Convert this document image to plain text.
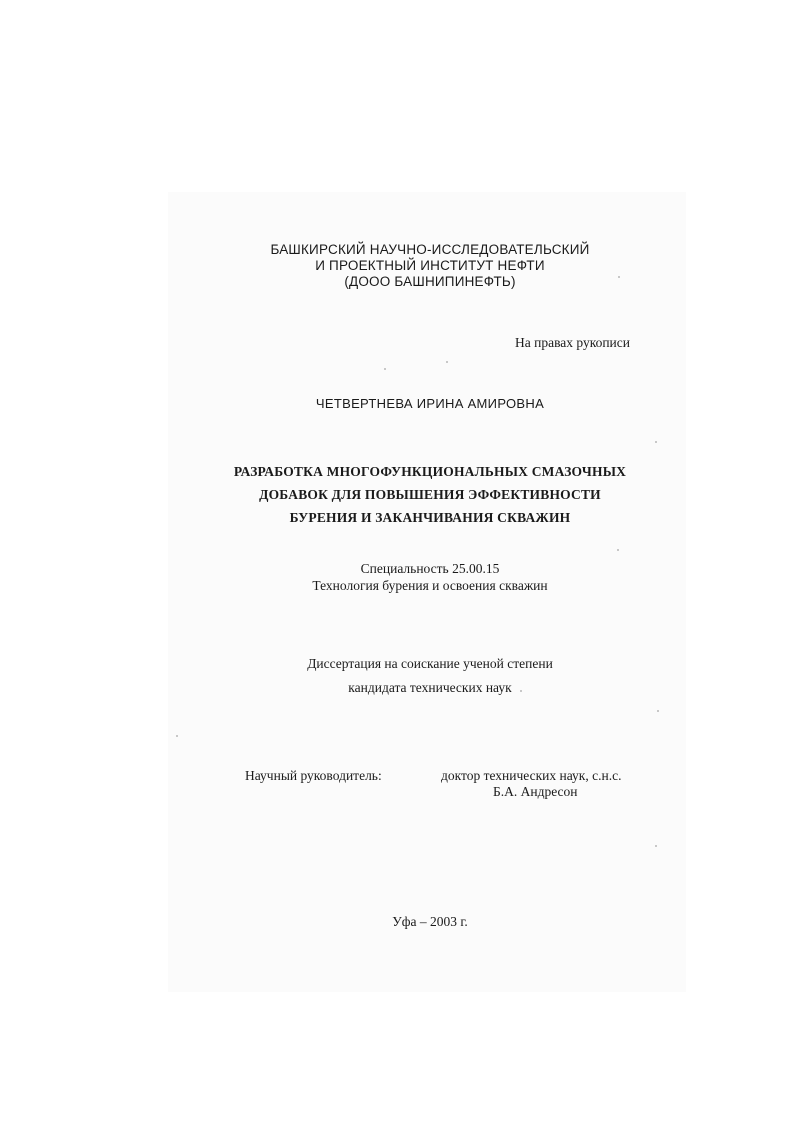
БАШКИРСКИЙ НАУЧНО-ИССЛЕДОВАТЕЛЬСКИЙ
И ПРОЕКТНЫЙ ИНСТИТУТ НЕФТИ
(ДООО БАШНИПИНЕФТЬ)
На правах рукописи
ЧЕТВЕРТНЕВА ИРИНА АМИРОВНА
РАЗРАБОТКА МНОГОФУНКЦИОНАЛЬНЫХ СМАЗОЧНЫХ
ДОБАВОК ДЛЯ ПОВЫШЕНИЯ ЭФФЕКТИВНОСТИ
БУРЕНИЯ И ЗАКАНЧИВАНИЯ СКВАЖИН
Специальность 25.00.15
Технология бурения и освоения скважин
Диссертация на соискание ученой степени
кандидата технических наук
Научный руководитель:	доктор технических наук, с.н.с.
Б.А. Андресон
Уфа – 2003 г.
